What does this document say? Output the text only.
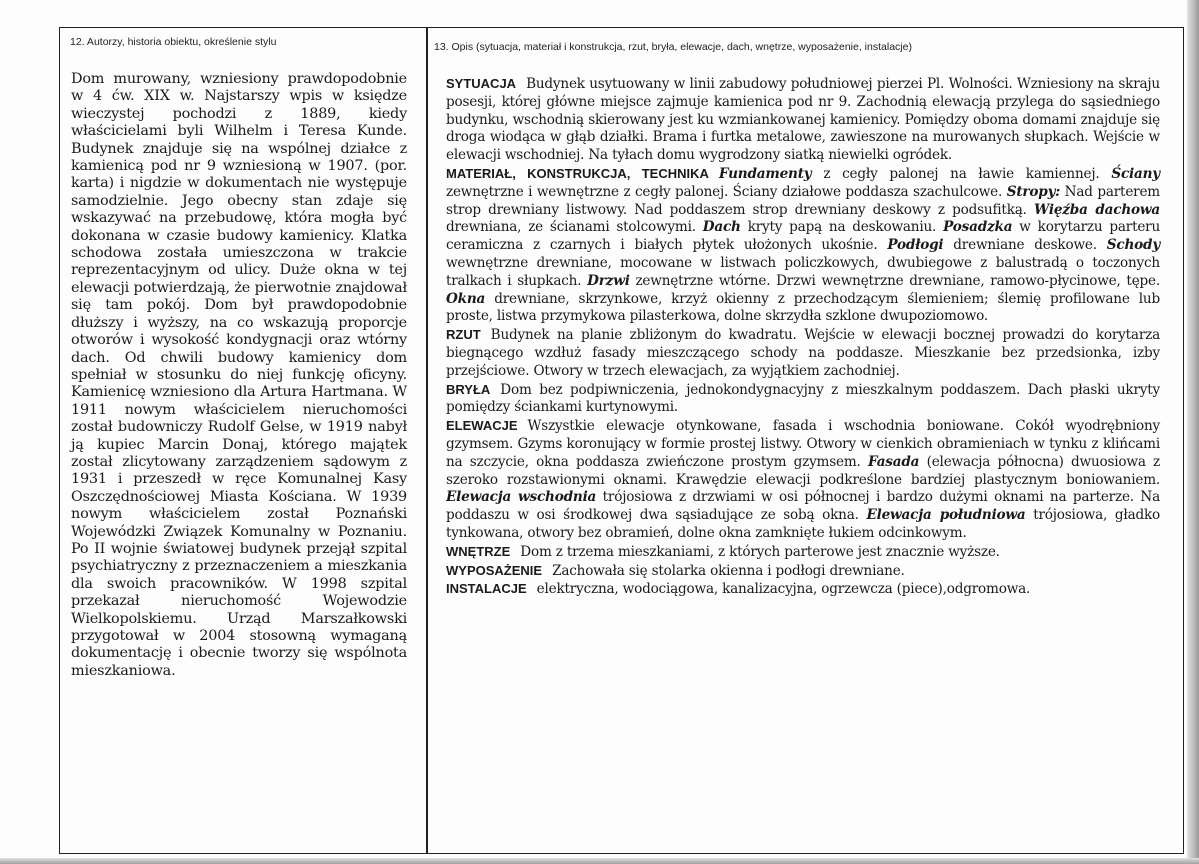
12. Autorzy, historia obiektu, określenie stylu

Dom murowany, wzniesiony prawdopodobnie w 4 ćw. XIX w. Najstarszy wpis w księdze wieczystej pochodzi z 1889, kiedy właścicielami byli Wilhelm i Teresa Kunde. Budynek znajduje się na wspólnej działce z kamienicą pod nr 9 wzniesioną w 1907. (por. karta) i nigdzie w dokumentach nie występuje samodzielnie. Jego obecny stan zdaje się wskazywać na przebudowę, która mogła być dokonana w czasie budowy kamienicy. Klatka schodowa została umieszczona w trakcie reprezentacyjnym od ulicy. Duże okna w tej elewacji potwierdzają, że pierwotnie znajdował się tam pokój. Dom był prawdopodobnie dłuższy i wyższy, na co wskazują proporcje otworów i wysokość kondygnacji oraz wtórny dach. Od chwili budowy kamienicy dom spełniał w stosunku do niej funkcję oficyny. Kamienicę wzniesiono dla Artura Hartmana. W 1911 nowym właścicielem nieruchomości został budowniczy Rudolf Gelse, w 1919 nabył ją kupiec Marcin Donaj, którego majątek został zlicytowany zarządzeniem sądowym z 1931 i przeszedł w ręce Komunalnej Kasy Oszczędnościowej Miasta Kościana. W 1939 nowym właścicielem został Poznański Wojewódzki Związek Komunalny w Poznaniu. Po II wojnie światowej budynek przejął szpital psychiatryczny z przeznaczeniem a mieszkania dla swoich pracowników. W 1998 szpital przekazał nieruchomość Wojewodzie Wielkopolskiemu. Urząd Marszałkowski przygotował w 2004 stosowną wymaganą dokumentację i obecnie tworzy się wspólnota mieszkaniowa.

13. Opis (sytuacja, materiał i konstrukcja, rzut, bryła, elewacje, dach, wnętrze, wyposażenie, instalacje)

SYTUACJA Budynek usytuowany w linii zabudowy południowej pierzei Pl. Wolności. Wzniesiony na skraju posesji, której główne miejsce zajmuje kamienica pod nr 9. Zachodnią elewacją przylega do sąsiedniego budynku, wschodnią skierowany jest ku wzmiankowanej kamienicy. Pomiędzy oboma domami znajduje się droga wiodąca w głąb działki. Brama i furtka metalowe, zawieszone na murowanych słupkach. Wejście w elewacji wschodniej. Na tyłach domu wygrodzony siatką niewielki ogródek.

MATERIAŁ, KONSTRUKCJA, TECHNIKA Fundamenty z cegły palonej na ławie kamiennej. Ściany zewnętrzne i wewnętrzne z cegły palonej. Ściany działowe poddasza szachulcowe. Stropy: Nad parterem strop drewniany listwowy. Nad poddaszem strop drewniany deskowy z podsufitką. Więźba dachowa drewniana, ze ścianami stolcowymi. Dach kryty papą na deskowaniu. Posadzka w korytarzu parteru ceramiczna z czarnych i białych płytek ułożonych ukośnie. Podłogi drewniane deskowe. Schody wewnętrzne drewniane, mocowane w listwach policzkowych, dwubiegowe z balustradą o toczonych tralkach i słupkach. Drzwi zewnętrzne wtórne. Drzwi wewnętrzne drewniane, ramowo-płycinowe, tępe. Okna drewniane, skrzynkowe, krzyż okienny z przechodzącym ślemieniem; ślemię profilowane lub proste, listwa przymykowa pilasterkowa, dolne skrzydła szklone dwupoziomowo.

RZUT Budynek na planie zbliżonym do kwadratu. Wejście w elewacji bocznej prowadzi do korytarza biegnącego wzdłuż fasady mieszczącego schody na poddasze. Mieszkanie bez przedsionka, izby przejściowe. Otwory w trzech elewacjach, za wyjątkiem zachodniej.

BRYŁA Dom bez podpiwniczenia, jednokondygnacyjny z mieszkalnym poddaszem. Dach płaski ukryty pomiędzy ściankami kurtynowymi.

ELEWACJE Wszystkie elewacje otynkowane, fasada i wschodnia boniowane. Cokół wyodrębniony gzymsem. Gzyms koronujący w formie prostej listwy. Otwory w cienkich obramieniach w tynku z klińcami na szczycie, okna poddasza zwieńczone prostym gzymsem. Fasada (elewacja północna) dwuosiowa z szeroko rozstawionymi oknami. Krawędzie elewacji podkreślone bardziej plastycznym boniowaniem. Elewacja wschodnia trójosiowa z drzwiami w osi północnej i bardzo dużymi oknami na parterze. Na poddaszu w osi środkowej dwa sąsiadujące ze sobą okna. Elewacja południowa trójosiowa, gładko tynkowana, otwory bez obramień, dolne okna zamknięte łukiem odcinkowym.

WNĘTRZE Dom z trzema mieszkaniami, z których parterowe jest znacznie wyższe.

WYPOSAŻENIE Zachowała się stolarka okienna i podłogi drewniane.

INSTALACJE elektryczna, wodociągowa, kanalizacyjna, ogrzewcza (piece),odgromowa.
